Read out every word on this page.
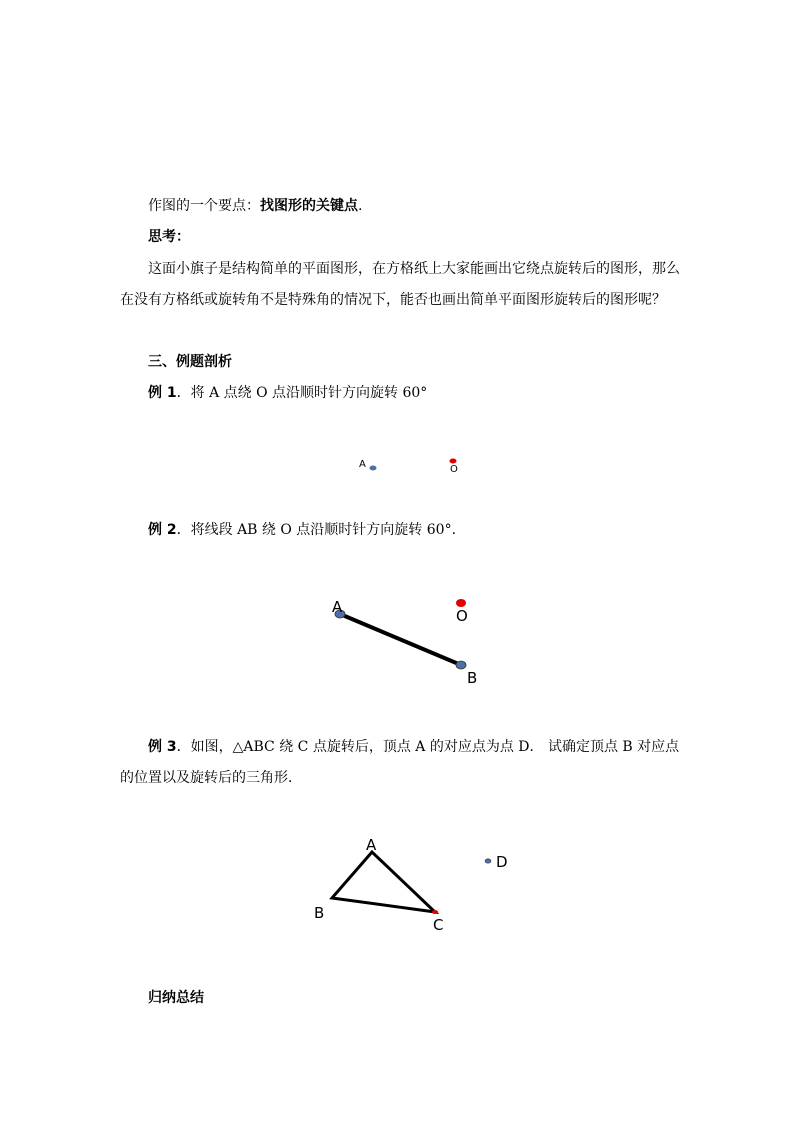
作图的一个要点：找图形的关键点.
思考：
这面小旗子是结构简单的平面图形，在方格纸上大家能画出它绕点旋转后的图形，那么
在没有方格纸或旋转角不是特殊角的情况下，能否也画出简单平面图形旋转后的图形呢？
三、例题剖析
例 1．将 A 点绕 O 点沿顺时针方向旋转 60°
A	O
例 2．将线段 AB 绕 O 点沿顺时针方向旋转 60°.
A	O
B
例 3．如图，△ABC 绕 C 点旋转后，顶点 A 的对应点为点 D． 试确定顶点 B 对应点
的位置以及旋转后的三角形．
A
B
C
D
归纳总结
